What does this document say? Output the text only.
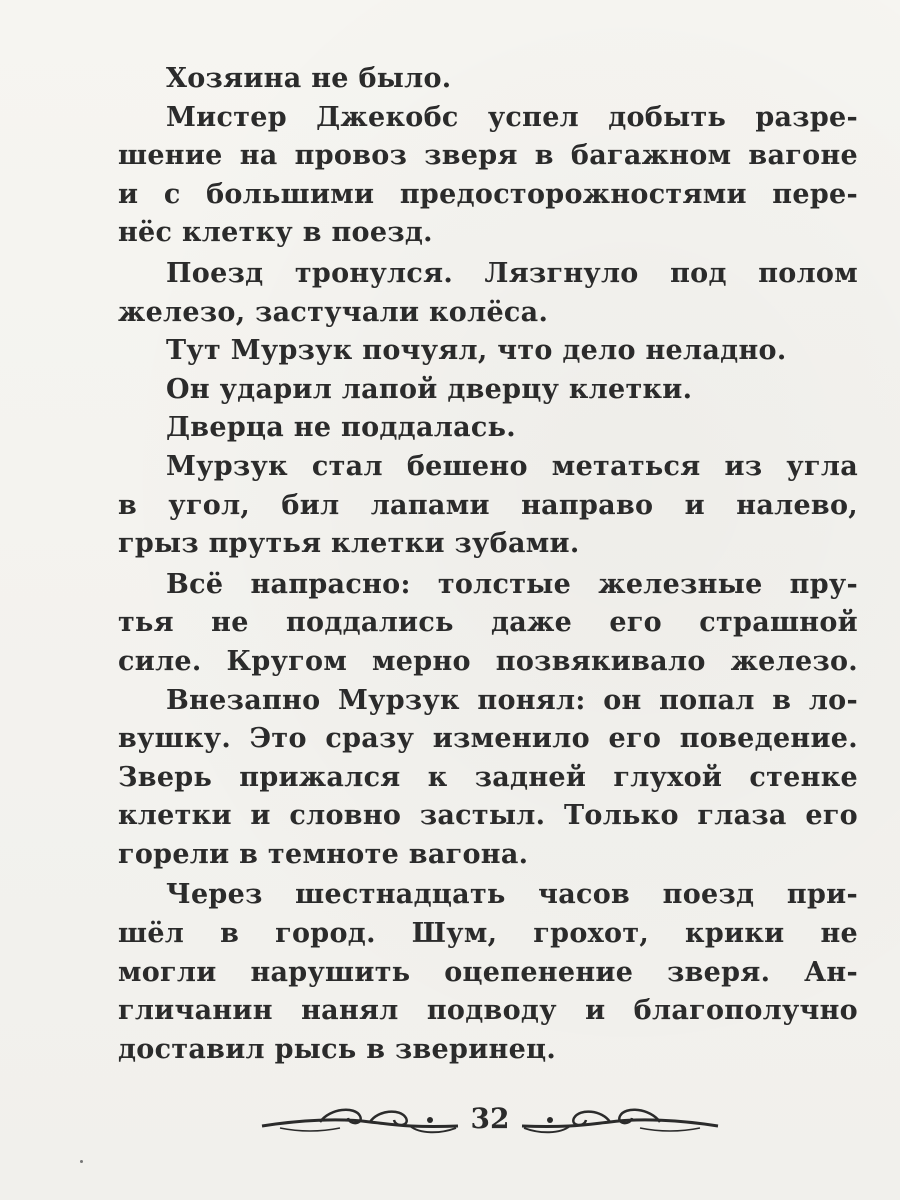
Хозяина не было.
Мистер Джекобс успел добыть разре-
шение на провоз зверя в багажном вагоне
и с большими предосторожностями пере-
нёс клетку в поезд.
Поезд тронулся. Лязгнуло под полом
железо, застучали колёса.
Тут Мурзук почуял, что дело неладно.
Он ударил лапой дверцу клетки.
Дверца не поддалась.
Мурзук стал бешено метаться из угла
в угол, бил лапами направо и налево,
грыз прутья клетки зубами.
Всё напрасно: толстые железные пру-
тья не поддались даже его страшной
силе. Кругом мерно позвякивало железо.
Внезапно Мурзук понял: он попал в ло-
вушку. Это сразу изменило его поведение.
Зверь прижался к задней глухой стенке
клетки и словно застыл. Только глаза его
горели в темноте вагона.
Через шестнадцать часов поезд при-
шёл в город. Шум, грохот, крики не
могли нарушить оцепенение зверя. Ан-
гличанин нанял подводу и благополучно
доставил рысь в зверинец.
32
